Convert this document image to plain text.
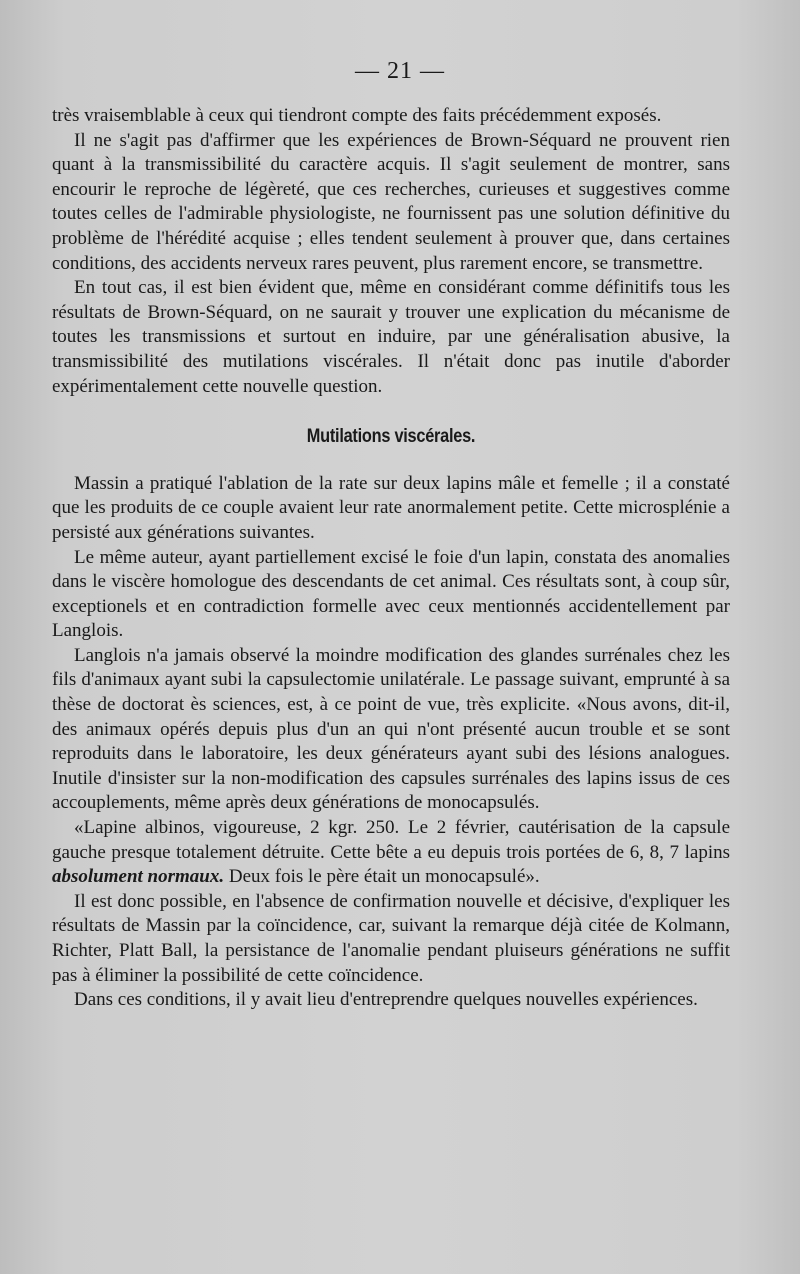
— 21 —

très vraisemblable à ceux qui tiendront compte des faits précédemment exposés.

Il ne s'agit pas d'affirmer que les expériences de Brown-Séquard ne prouvent rien quant à la transmissibilité du caractère acquis. Il s'agit seulement de montrer, sans encourir le reproche de légèreté, que ces recherches, curieuses et suggestives comme toutes celles de l'admirable physiologiste, ne fournissent pas une solution définitive du problème de l'hérédité acquise ; elles tendent seulement à prouver que, dans certaines conditions, des accidents nerveux rares peuvent, plus rarement encore, se transmettre.

En tout cas, il est bien évident que, même en considérant comme définitifs tous les résultats de Brown-Séquard, on ne saurait y trouver une explication du mécanisme de toutes les transmissions et surtout en induire, par une généralisation abusive, la transmissibilité des mutilations viscérales. Il n'était donc pas inutile d'aborder expérimentalement cette nouvelle question.

Mutilations viscérales.

Massin a pratiqué l'ablation de la rate sur deux lapins mâle et femelle ; il a constaté que les produits de ce couple avaient leur rate anormalement petite. Cette microsplénie a persisté aux générations suivantes.

Le même auteur, ayant partiellement excisé le foie d'un lapin, constata des anomalies dans le viscère homologue des descendants de cet animal. Ces résultats sont, à coup sûr, exceptionels et en contradiction formelle avec ceux mentionnés accidentellement par Langlois.

Langlois n'a jamais observé la moindre modification des glandes surrénales chez les fils d'animaux ayant subi la capsulectomie unilatérale. Le passage suivant, emprunté à sa thèse de doctorat ès sciences, est, à ce point de vue, très explicite. «Nous avons, dit-il, des animaux opérés depuis plus d'un an qui n'ont présenté aucun trouble et se sont reproduits dans le laboratoire, les deux générateurs ayant subi des lésions analogues. Inutile d'insister sur la non-modification des capsules surrénales des lapins issus de ces accouplements, même après deux générations de monocapsulés.

«Lapine albinos, vigoureuse, 2 kgr. 250. Le 2 février, cautérisation de la capsule gauche presque totalement détruite. Cette bête a eu depuis trois portées de 6, 8, 7 lapins absolument normaux. Deux fois le père était un monocapsulé».

Il est donc possible, en l'absence de confirmation nouvelle et décisive, d'expliquer les résultats de Massin par la coïncidence, car, suivant la remarque déjà citée de Kolmann, Richter, Platt Ball, la persistance de l'anomalie pendant pluiseurs générations ne suffit pas à éliminer la possibilité de cette coïncidence.

Dans ces conditions, il y avait lieu d'entreprendre quelques nouvelles expériences.
